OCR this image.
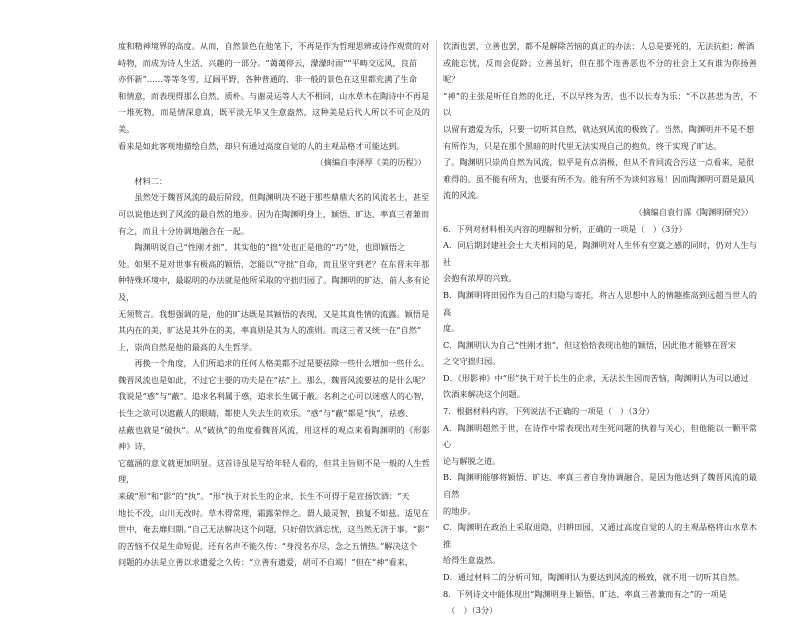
度和精神境界的高度。从而，自然景色在他笔下，不再是作为哲理思辨或诗作观赏的对

峙物，而成为诗人生活、兴趣的一部分。“蔼蔼停云，濛濛时雨”“平畴交远风，良苗

亦怀新”……等等冬雪，辽阔平野，各种普通的、非一般的景色在这里都充满了生命

和情意，而表现得那么自然、质朴。与谢灵运等人大不相同，山水草木在陶诗中不再是

一堆死物，而是情深意真，既平淡无华又生意盎然，这种美是后代人所以不可企及的美。

看来是如此客观地描绘自然，却只有通过高度自觉的人的主观品格才可能达到。

（摘编自李泽厚《美的历程》）

材料二：

虽然处于魏晋风流的最后阶段，但陶渊明决不逊于那些鼎鼎大名的风流名士，甚至

可以说他达到了风流的最自然的地步。因为在陶渊明身上，颖悟、旷达、率真三者兼而

有之，而且十分协调地融合在一起。

陶渊明说自己“性刚才拙”，其实他的“拙”处也正是他的“巧”处，也即颖悟之

处。如果不是对世事有极高的颖悟，怎能以“守拙”自命，而且坚守到老？在东晋末年那

种特殊环境中，最聪明的办法就是他所采取的守拙归园了。陶渊明的旷达，前人多有论及，

无须赘言。我想强调的是，他的旷达既是其颖悟的表现，又是其真性情的流露。颖悟是

其内在的美，旷达是其外在的美，率真则是其为人的准则。而这三者又统一在“自然”

上，崇尚自然是他的最高的人生哲学。

再换一个角度，人们所追求的任何人格美都不过是要祛除一些什么增加一些什么。

魏晋风流也是如此，不过它主要的功夫是在“祛”上。那么，魏晋风流要祛的是什么呢？

我说是“惑”与“蔽”。追求名利属于惑，追求长生属于蔽。名利之心可以迷惑人的心智，

长生之欲可以遮蔽人的眼睛，都使人失去生的欢乐。“惑”与“蔽”都是“执”，祛惑、

祛蔽也就是“破执”。从“破执”的角度看魏晋风流，用这样的观点来看陶渊明的《形影神》诗，

它蕴涵的意义就更加明显。这首诗虽是写给年轻人看的，但其主旨则不是一般的人生哲理，

来破“形”和“影”的“执”。“形”执于对长生的企求，长生不可得于是宣扬饮酒：“天

地长不没，山川无改时。草木得常理，霜露荣悴之。谓人最灵智，独复不如兹。适见在

世中，奄去靡归期。”自己无法解决这个问题，只好借饮酒忘忧，这当然无济于事。“影”

的苦恼不仅是生命短促，还有名声不能久传：“身没名亦尽，念之五情热。”解决这个

问题的办法是立善以求遗爱之久传：“立善有遗爱，胡可不自竭！”但在“神”看来，

饮酒也罢，立善也罢，都不是解除苦恼的真正的办法：人总是要死的，无法抗拒；醉酒

或能忘忧，反而会促龄；立善虽好，但在那个连善恶也不分的社会上又有谁为你扬善呢？

“神”的主张是听任自然的化迁，不以早终为苦，也不以长寿为乐：“不以甚悲为苦，不以

以留有遗爱为乐，只要一切听其自然，就达到风流的极致了。当然，陶渊明并不是不想

有所作为，只是在那个黑暗的时代里无法实现自己的抱负，终于实现了旷达。

了。陶渊明只崇尚自然为风流，似乎是有点消极，但从不肯同流合污这一点看来，是很

难得的。虽不能有所为，也要有所不为。能有所不为谈何容易！因而陶渊明可谓是最风

流的风流。

（摘编自袁行霈《陶渊明研究》）

6．下列对材料相关内容的理解和分析，正确的一项是（　）（3分）

A．同后期封建社会士大夫相同的是，陶渊明对人生怀有空寞之感的同时，仍对人生与社

会抱有浓厚的兴致。

B．陶渊明将田园作为自己的归隐与寄托，将古人思想中人的情趣推高到远超当世人的高

度。

C．陶渊明认为自己“性刚才拙”，但这恰恰表现出他的颖悟，因此他才能够在晋宋

之交守拙归园。

D．《形影神》中“形”执于对于长生的企求，无法长生因而苦恼，陶渊明认为可以通过

饮酒来解决这个问题。

7．根据材料内容，下列说法不正确的一项是（　）（3分）

A．陶渊明超然于世，在诗作中常表现出对生死问题的执着与关心，但他能以一颗平常心

论与解脱之道。

B．陶渊明能够将颖悟、旷达、率真三者自身协调融合，是因为他达到了魏晋风流的最自然

的地步。

C．陶渊明在政治上采取退隐，归耕田园，又通过高度自觉的人的主观品格将山水草木推

给得生意盎然。

D．通过材料二的分析可知，陶渊明认为要达到风流的极致，就不用一切听其自然。

8．下列诗文中能体现出“陶渊明身上颖悟、旷达、率真三者兼而有之”的一项是

　（　）（3分）
